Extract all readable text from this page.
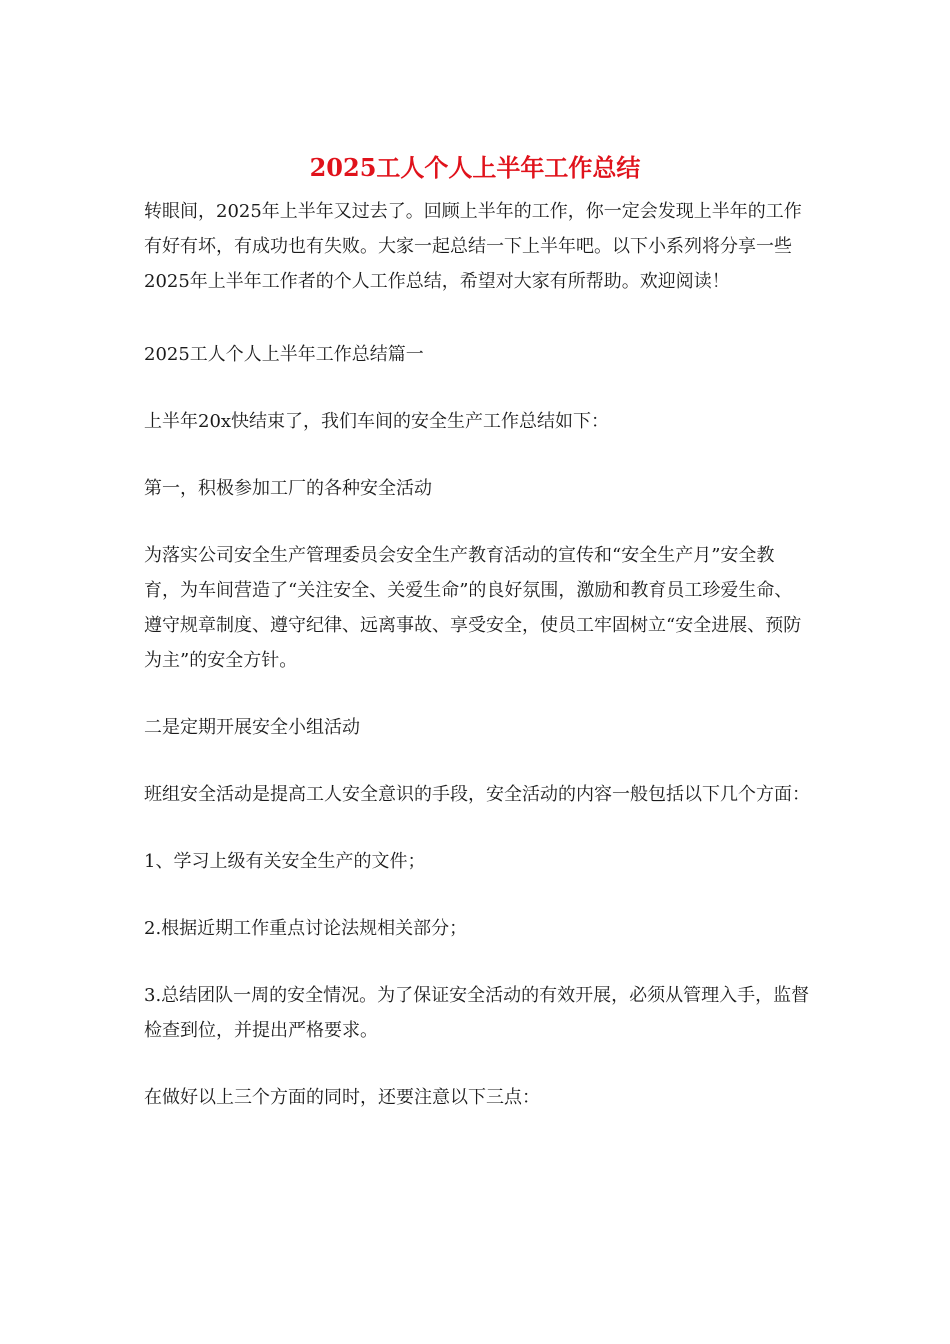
2025工人个人上半年工作总结

转眼间，2025年上半年又过去了。回顾上半年的工作，你一定会发现上半年的工作有好有坏，有成功也有失败。大家一起总结一下上半年吧。以下小系列将分享一些2025年上半年工作者的个人工作总结，希望对大家有所帮助。欢迎阅读！

2025工人个人上半年工作总结篇一

上半年20x快结束了，我们车间的安全生产工作总结如下：

第一，积极参加工厂的各种安全活动

为落实公司安全生产管理委员会安全生产教育活动的宣传和“安全生产月”安全教育，为车间营造了“关注安全、关爱生命”的良好氛围，激励和教育员工珍爱生命、遵守规章制度、遵守纪律、远离事故、享受安全，使员工牢固树立“安全进展、预防为主”的安全方针。

二是定期开展安全小组活动

班组安全活动是提高工人安全意识的手段，安全活动的内容一般包括以下几个方面：

1、学习上级有关安全生产的文件；

2.根据近期工作重点讨论法规相关部分；

3.总结团队一周的安全情况。为了保证安全活动的有效开展，必须从管理入手，监督检查到位，并提出严格要求。

在做好以上三个方面的同时，还要注意以下三点：
